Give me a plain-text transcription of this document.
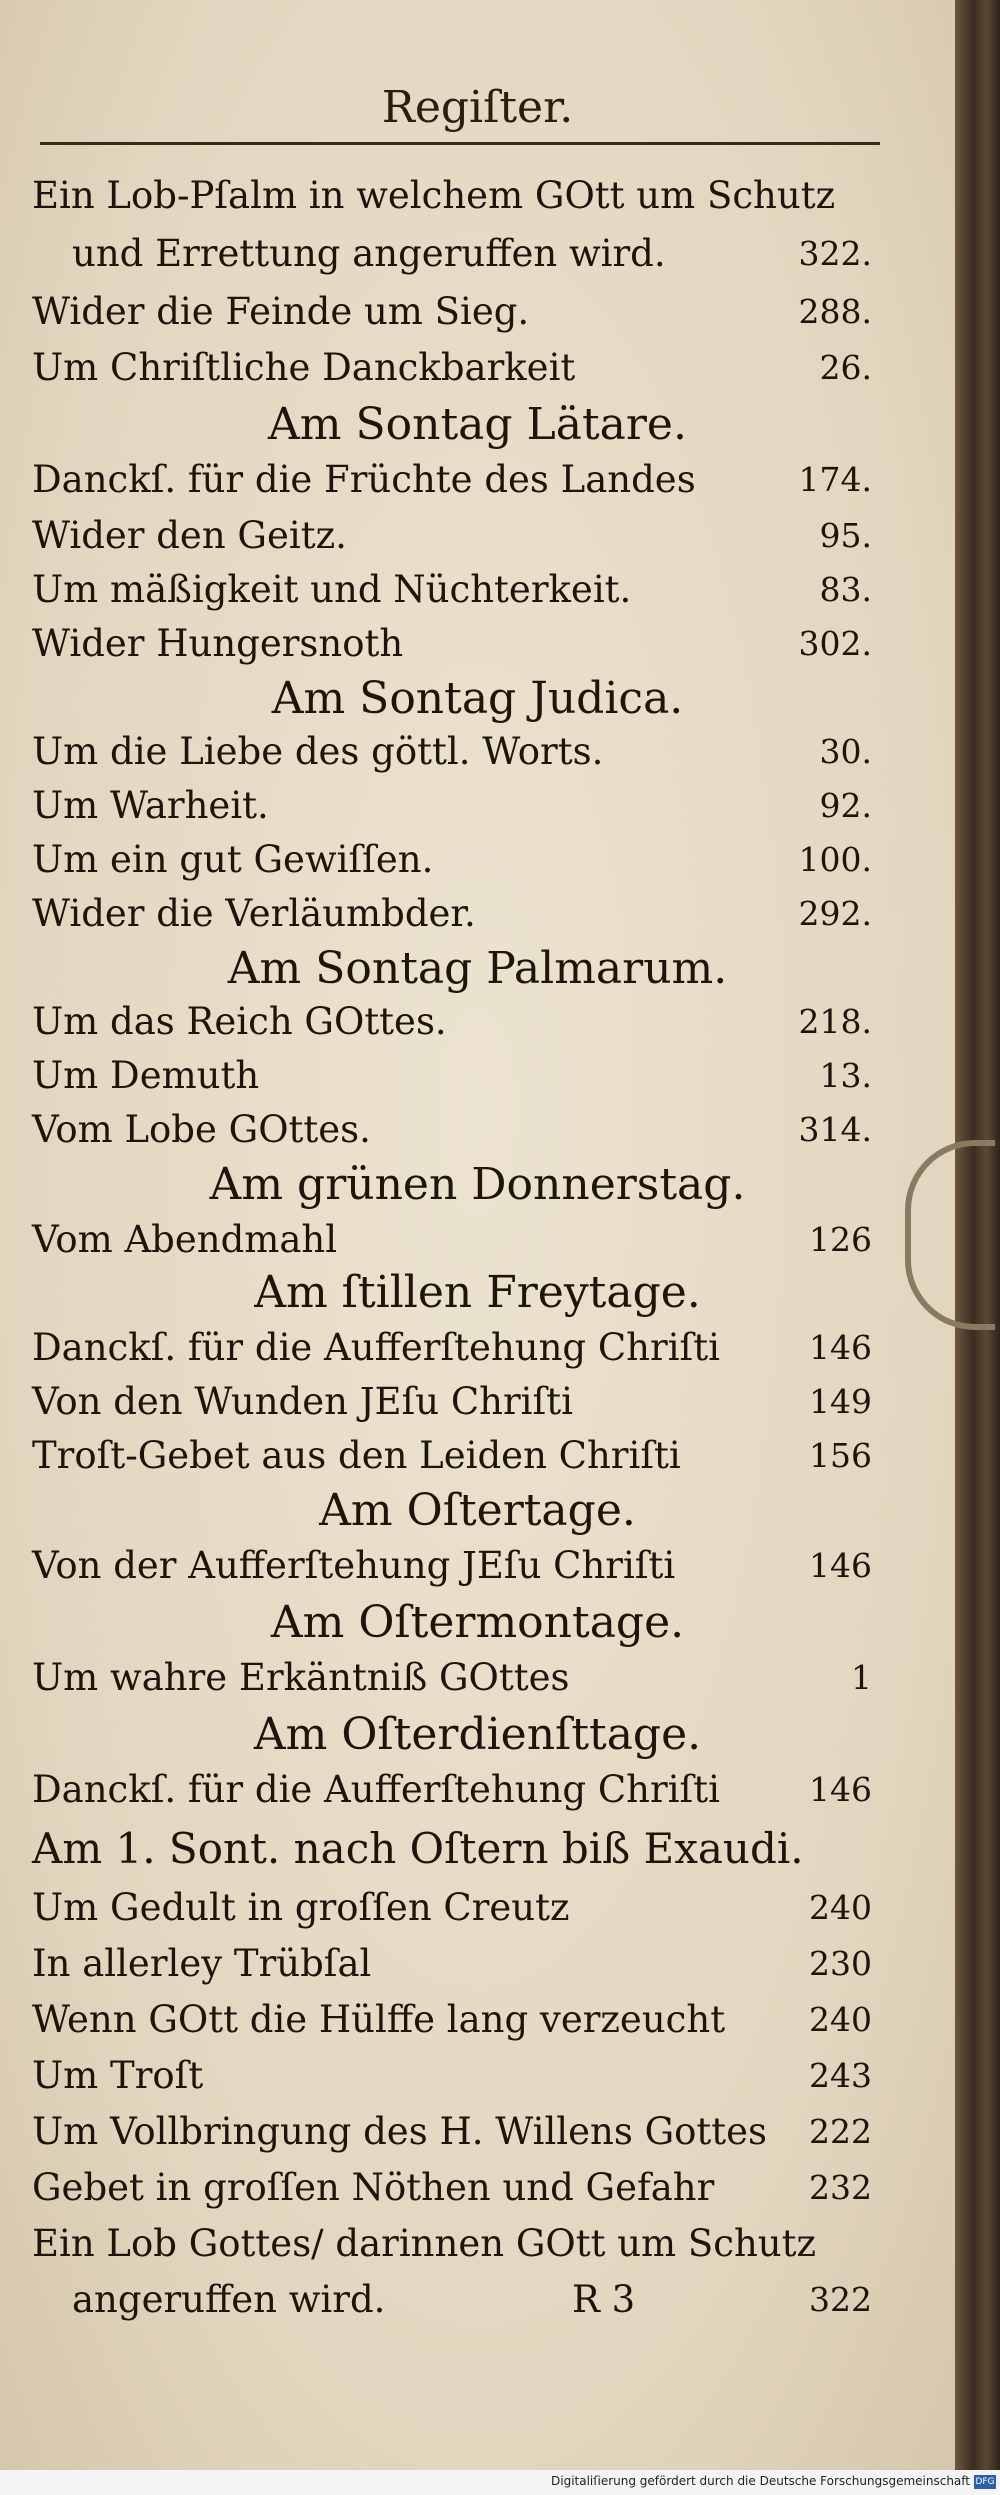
Regiſter.
Ein Lob-Pſalm in welchem GOtt um Schutz
und Errettung angeruffen wird.	322.
Wider die Feinde um Sieg.	288.
Um Chriſtliche Danckbarkeit	26.
Am Sontag Lätare.
Danckſ. für die Früchte des Landes	174.
Wider den Geitz.	95.
Um mäßigkeit und Nüchterkeit.	83.
Wider Hungersnoth	302.
Am Sontag Judica.
Um die Liebe des göttl. Worts.	30.
Um Warheit.	92.
Um ein gut Gewiſſen.	100.
Wider die Verläumbder.	292.
Am Sontag Palmarum.
Um das Reich GOttes.	218.
Um Demuth	13.
Vom Lobe GOttes.	314.
Am grünen Donnerstag.
Vom Abendmahl	126
Am ſtillen Freytage.
Danckſ. für die Aufferſtehung Chriſti	146
Von den Wunden JEſu Chriſti	149
Troſt-Gebet aus den Leiden Chriſti	156
Am Oſtertage.
Von der Aufferſtehung JEſu Chriſti	146
Am Oſtermontage.
Um wahre Erkäntniß GOttes	1
Am Oſterdienſttage.
Danckſ. für die Aufferſtehung Chriſti	146
Am 1. Sont. nach Oſtern biß Exaudi.
Um Gedult in groſſen Creutz	240
In allerley Trübſal	230
Wenn GOtt die Hülffe lang verzeucht	240
Um Troſt	243
Um Vollbringung des H. Willens Gottes 222
Gebet in groſſen Nöthen und Gefahr	232
Ein Lob Gottes/ darinnen GOtt um Schutz
angeruffen wird.	R 3	322
Digitaliſierung gefördert durch die Deutsche Forschungsgemeinschaft DFG
